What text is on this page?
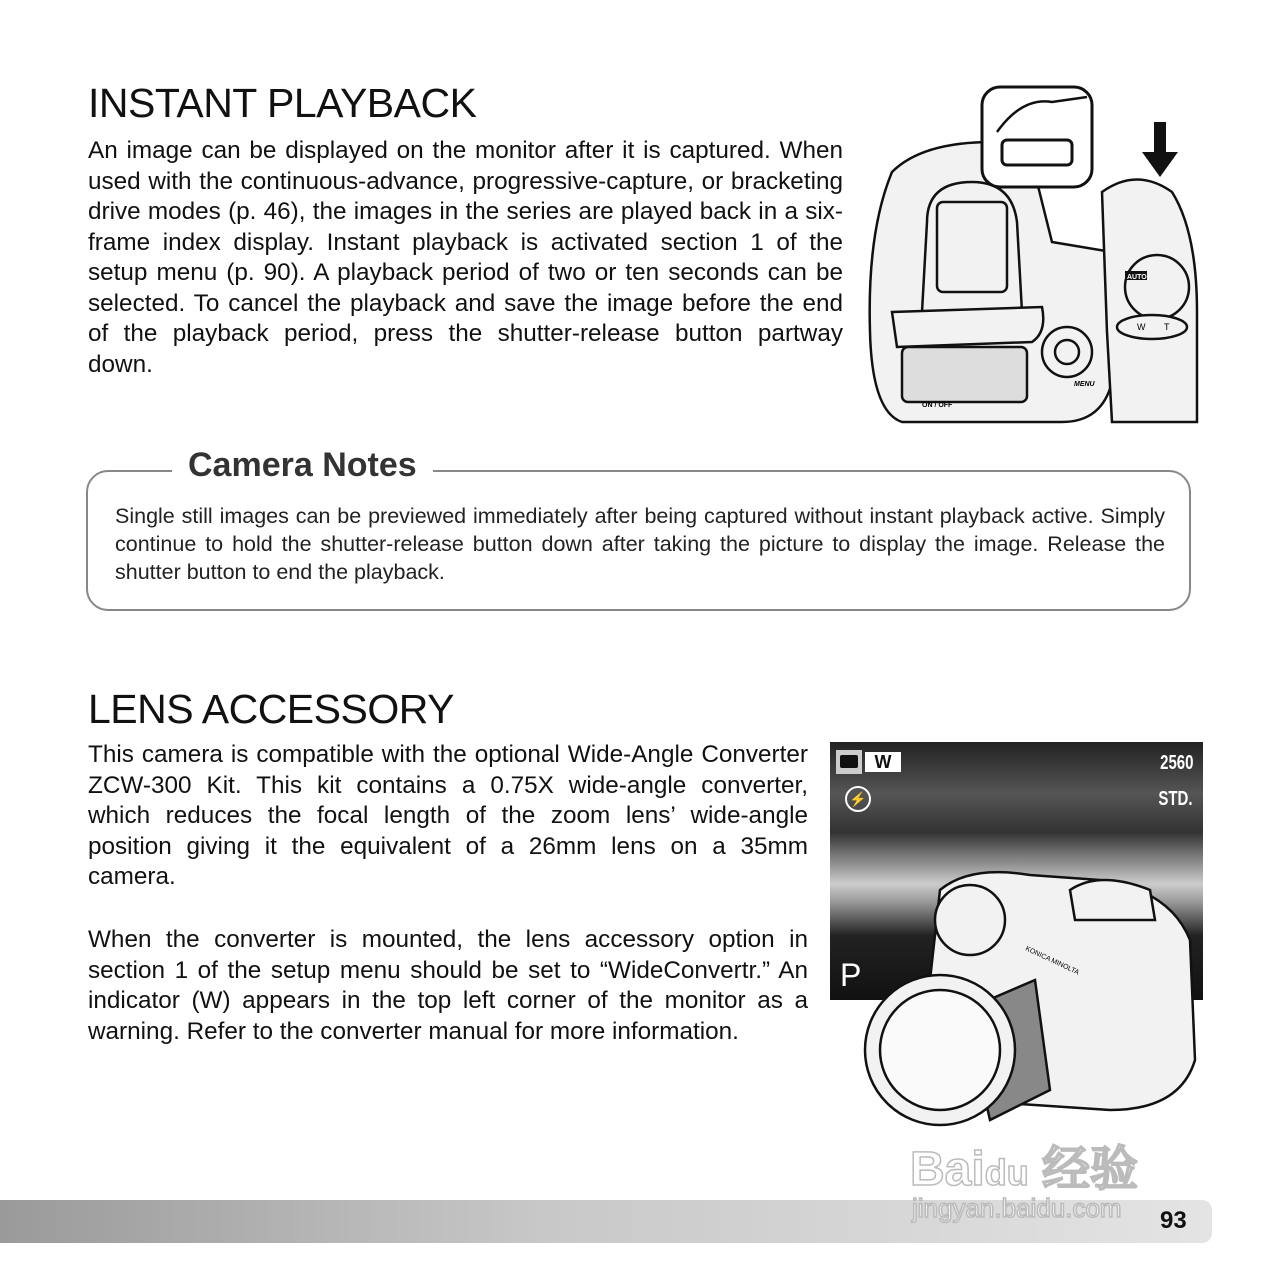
INSTANT PLAYBACK

An image can be displayed on the monitor after it is captured. When used with the continuous-advance, progressive-capture, or bracketing drive modes (p. 46), the images in the series are played back in a six-frame index display. Instant playback is activated section 1 of the setup menu (p. 90). A playback period of two or ten seconds can be selected. To cancel the playback and save the image before the end of the playback period, press the shutter-release button partway down.

AUTO
W T
MENU
ON / OFF
Camera Notes

Single still images can be previewed immediately after being captured without instant playback active. Simply continue to hold the shutter-release button down after taking the picture to display the image. Release the shutter button to end the playback.

LENS ACCESSORY

This camera is compatible with the optional Wide-Angle Converter ZCW-300 Kit. This kit contains a 0.75X wide-angle converter, which reduces the focal length of the zoom lens’ wide-angle position giving it the equivalent of a 26mm lens on a 35mm camera.

When the converter is mounted, the lens accessory option in section 1 of the setup menu should be set to “WideConvertr.” An indicator (W) appears in the top left corner of the monitor as a warning. Refer to the converter manual for more information.

W
⚡
2560
STD.
P	KONICA MINOLTA
93
Baidu 经验
jingyan.baidu.com
